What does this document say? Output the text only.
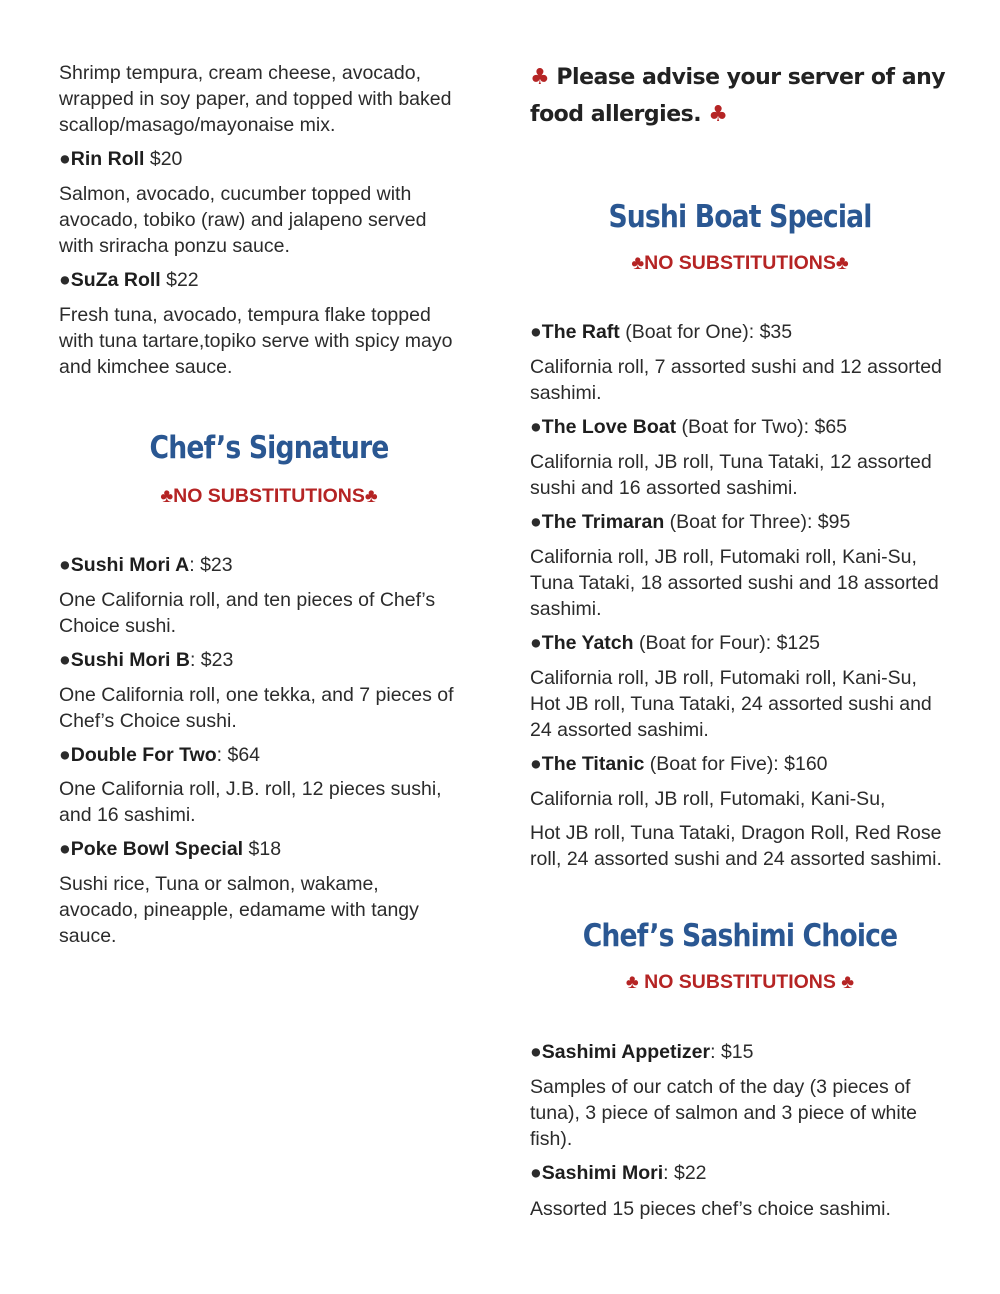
Shrimp tempura, cream cheese, avocado, wrapped in soy paper, and topped with baked scallop/masago/mayonaise mix.
●Rin Roll $20
Salmon, avocado, cucumber topped with avocado, tobiko (raw) and jalapeno served with sriracha ponzu sauce.
●SuZa Roll $22
Fresh tuna, avocado, tempura flake topped with tuna tartare,topiko serve with spicy mayo and kimchee sauce.
Chef’s Signature
♣NO SUBSTITUTIONS♣
●Sushi Mori A: $23
One California roll, and ten pieces of Chef’s Choice sushi.
●Sushi Mori B: $23
One California roll, one tekka, and 7 pieces of Chef’s Choice sushi.
●Double For Two: $64
One California roll, J.B. roll, 12 pieces sushi, and 16 sashimi.
●Poke Bowl Special $18
Sushi rice, Tuna or salmon, wakame, avocado, pineapple, edamame with tangy sauce.
♣ Please advise your server of any food allergies. ♣
Sushi Boat Special
♣NO SUBSTITUTIONS♣
●The Raft (Boat for One): $35
California roll, 7 assorted sushi and 12 assorted sashimi.
●The Love Boat (Boat for Two): $65
California roll, JB roll, Tuna Tataki, 12 assorted sushi and 16 assorted sashimi.
●The Trimaran (Boat for Three): $95
California roll, JB roll, Futomaki roll, Kani-Su, Tuna Tataki, 18 assorted sushi and 18 assorted sashimi.
●The Yatch (Boat for Four): $125
California roll, JB roll, Futomaki roll, Kani-Su, Hot JB roll, Tuna Tataki, 24 assorted sushi and 24 assorted sashimi.
●The Titanic (Boat for Five): $160
California roll, JB roll, Futomaki, Kani-Su,
Hot JB roll, Tuna Tataki, Dragon Roll, Red Rose roll, 24 assorted sushi and 24 assorted sashimi.
Chef’s Sashimi Choice
♣ NO SUBSTITUTIONS ♣
●Sashimi Appetizer: $15
Samples of our catch of the day (3 pieces of tuna), 3 piece of salmon and 3 piece of white fish).
●Sashimi Mori: $22
Assorted 15 pieces chef’s choice sashimi.
